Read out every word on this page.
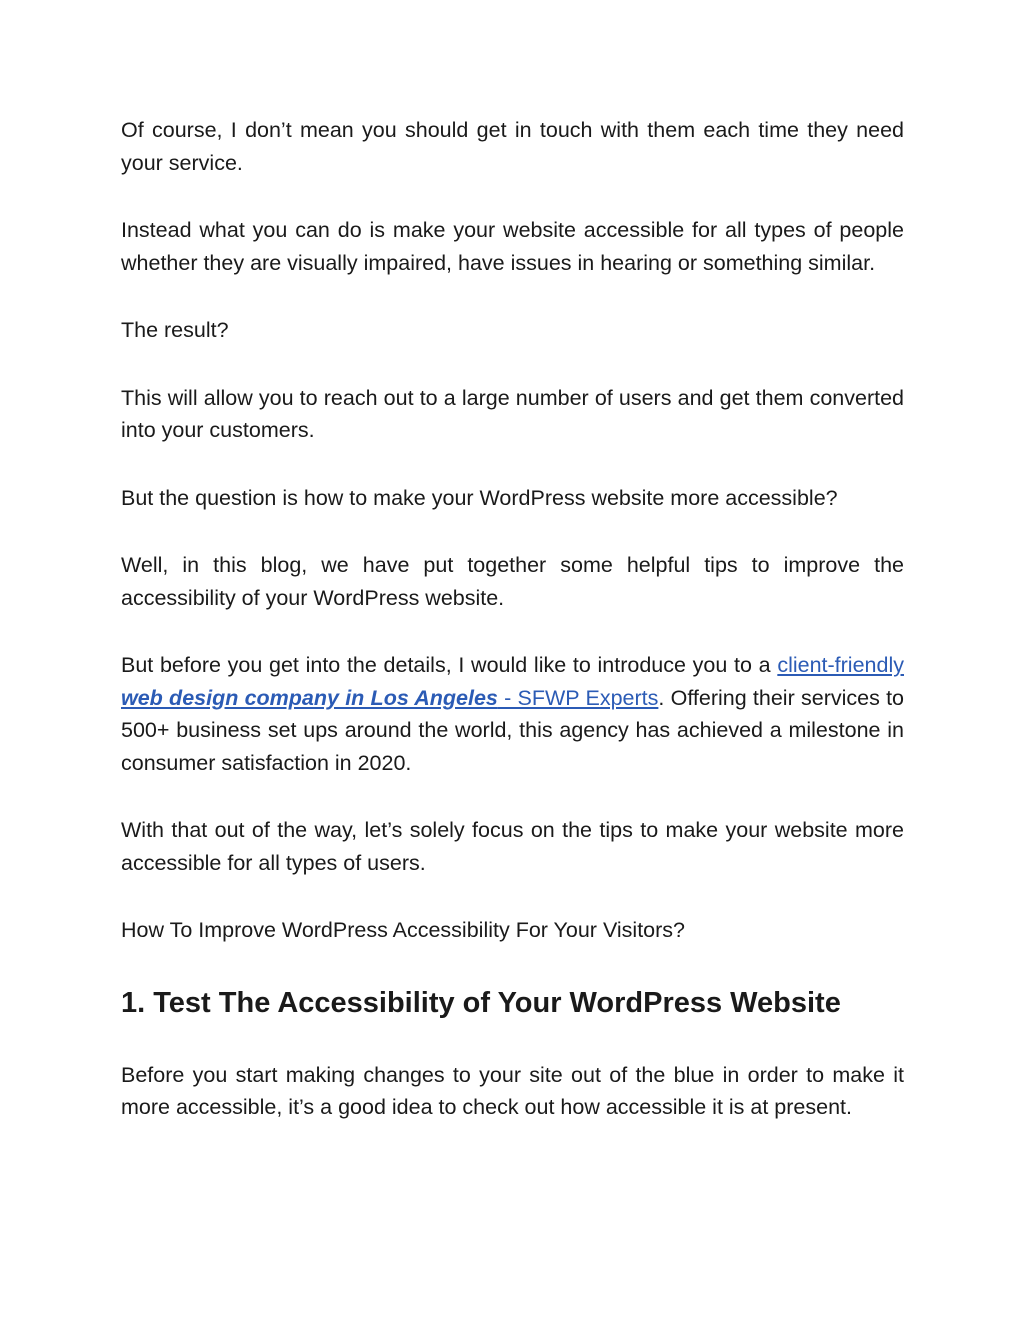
Of course, I don’t mean you should get in touch with them each time they need your service.

Instead what you can do is make your website accessible for all types of people whether they are visually impaired, have issues in hearing or something similar.

The result?

This will allow you to reach out to a large number of users and get them converted into your customers.

But the question is how to make your WordPress website more accessible?

Well, in this blog, we have put together some helpful tips to improve the accessibility of your WordPress website.

But before you get into the details, I would like to introduce you to a client-friendly web design company in Los Angeles - SFWP Experts. Offering their services to 500+ business set ups around the world, this agency has achieved a milestone in consumer satisfaction in 2020.

With that out of the way, let’s solely focus on the tips to make your website more accessible for all types of users.

How To Improve WordPress Accessibility For Your Visitors?

1. Test The Accessibility of Your WordPress Website

Before you start making changes to your site out of the blue in order to make it more accessible, it’s a good idea to check out how accessible it is at present.
